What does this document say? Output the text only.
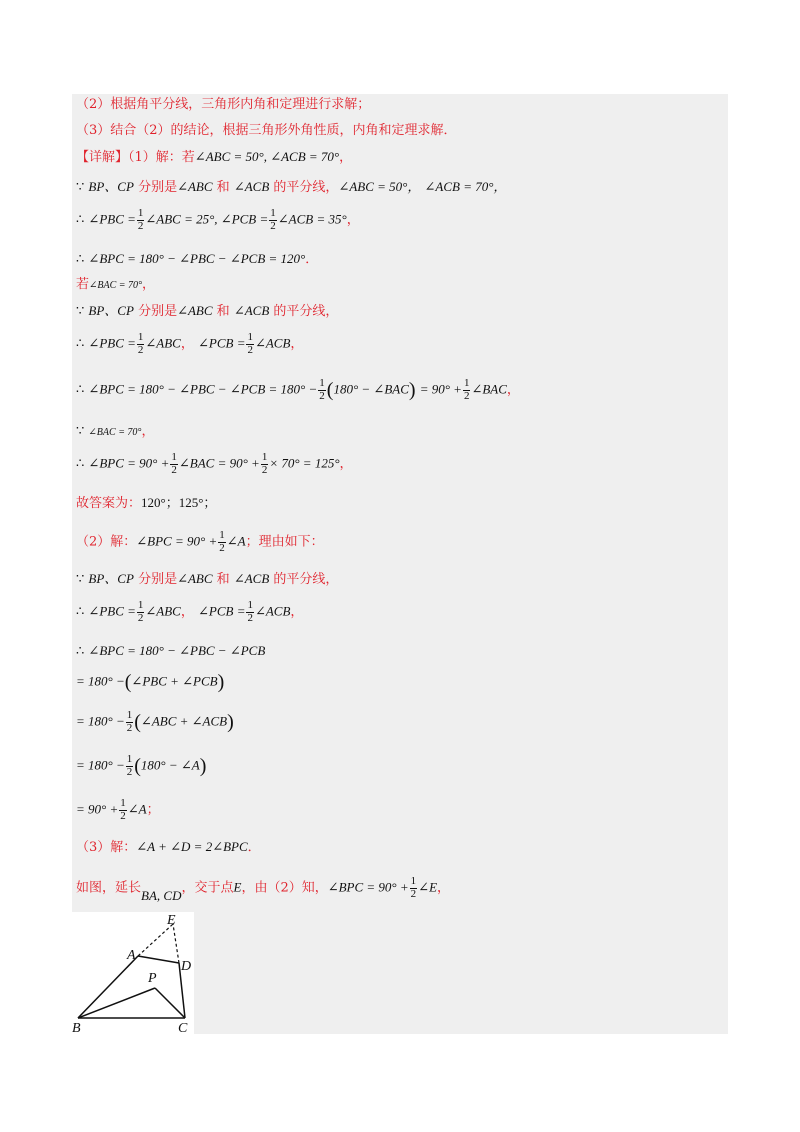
（2）根据角平分线，三角形内角和定理进行求解；
（3）结合（2）的结论，根据三角形外角性质，内角和定理求解．
【详解】（1）解：若∠ABC = 50°, ∠ACB = 70°，
∵ BP、CP 分别是∠ABC 和 ∠ACB 的平分线，∠ABC = 50°， ∠ACB = 70°，
∴ ∠PBC = $\frac{1}{2}$ ∠ABC = 25°, ∠PCB = $\frac{1}{2}$ ∠ACB = 35°，
∴ ∠BPC = 180° − ∠PBC − ∠PCB = 120°．
若∠BAC = 70°，
∵ BP、CP 分别是∠ABC 和 ∠ACB 的平分线，
∴ ∠PBC = $\frac{1}{2}$ ∠ABC， ∠PCB = $\frac{1}{2}$ ∠ACB，
∴ ∠BPC = 180° − ∠PBC − ∠PCB = $180^\circ - \frac{1}{2} (180^\circ$ − ∠BAC) = $90^\circ + \frac{1}{2}$ ∠BAC，
∵ ∠BAC = 70°，
∴ ∠BPC = $90^\circ + \frac{1}{2}$ ∠BAC = $90^\circ + \frac{1}{2} \times 70^\circ = 125^\circ$，
故答案为：120°；125°；
（2）解：∠BPC = $90^\circ + \frac{1}{2}$ ∠A；理由如下：
∵ BP、CP 分别是∠ABC 和 ∠ACB 的平分线，
∴ ∠PBC = $\frac{1}{2}$ ∠ABC， ∠PCB = $\frac{1}{2}$ ∠ACB，
∴ ∠BPC = 180° − ∠PBC − ∠PCB
= 180° −(∠PBC + ∠PCB)
= $180^\circ - \frac{1}{2}$ (∠ABC + ∠ACB)
= $180^\circ - \frac{1}{2} (180^\circ$ − ∠A)
= $90^\circ + \frac{1}{2}$ ∠A；
（3）解：∠A + ∠D = 2∠BPC．
如图，延长BA, CD，交于点E，由（2）知，∠BPC = $90^\circ + \frac{1}{2}$ ∠E，
E
A
D
P
B	C
